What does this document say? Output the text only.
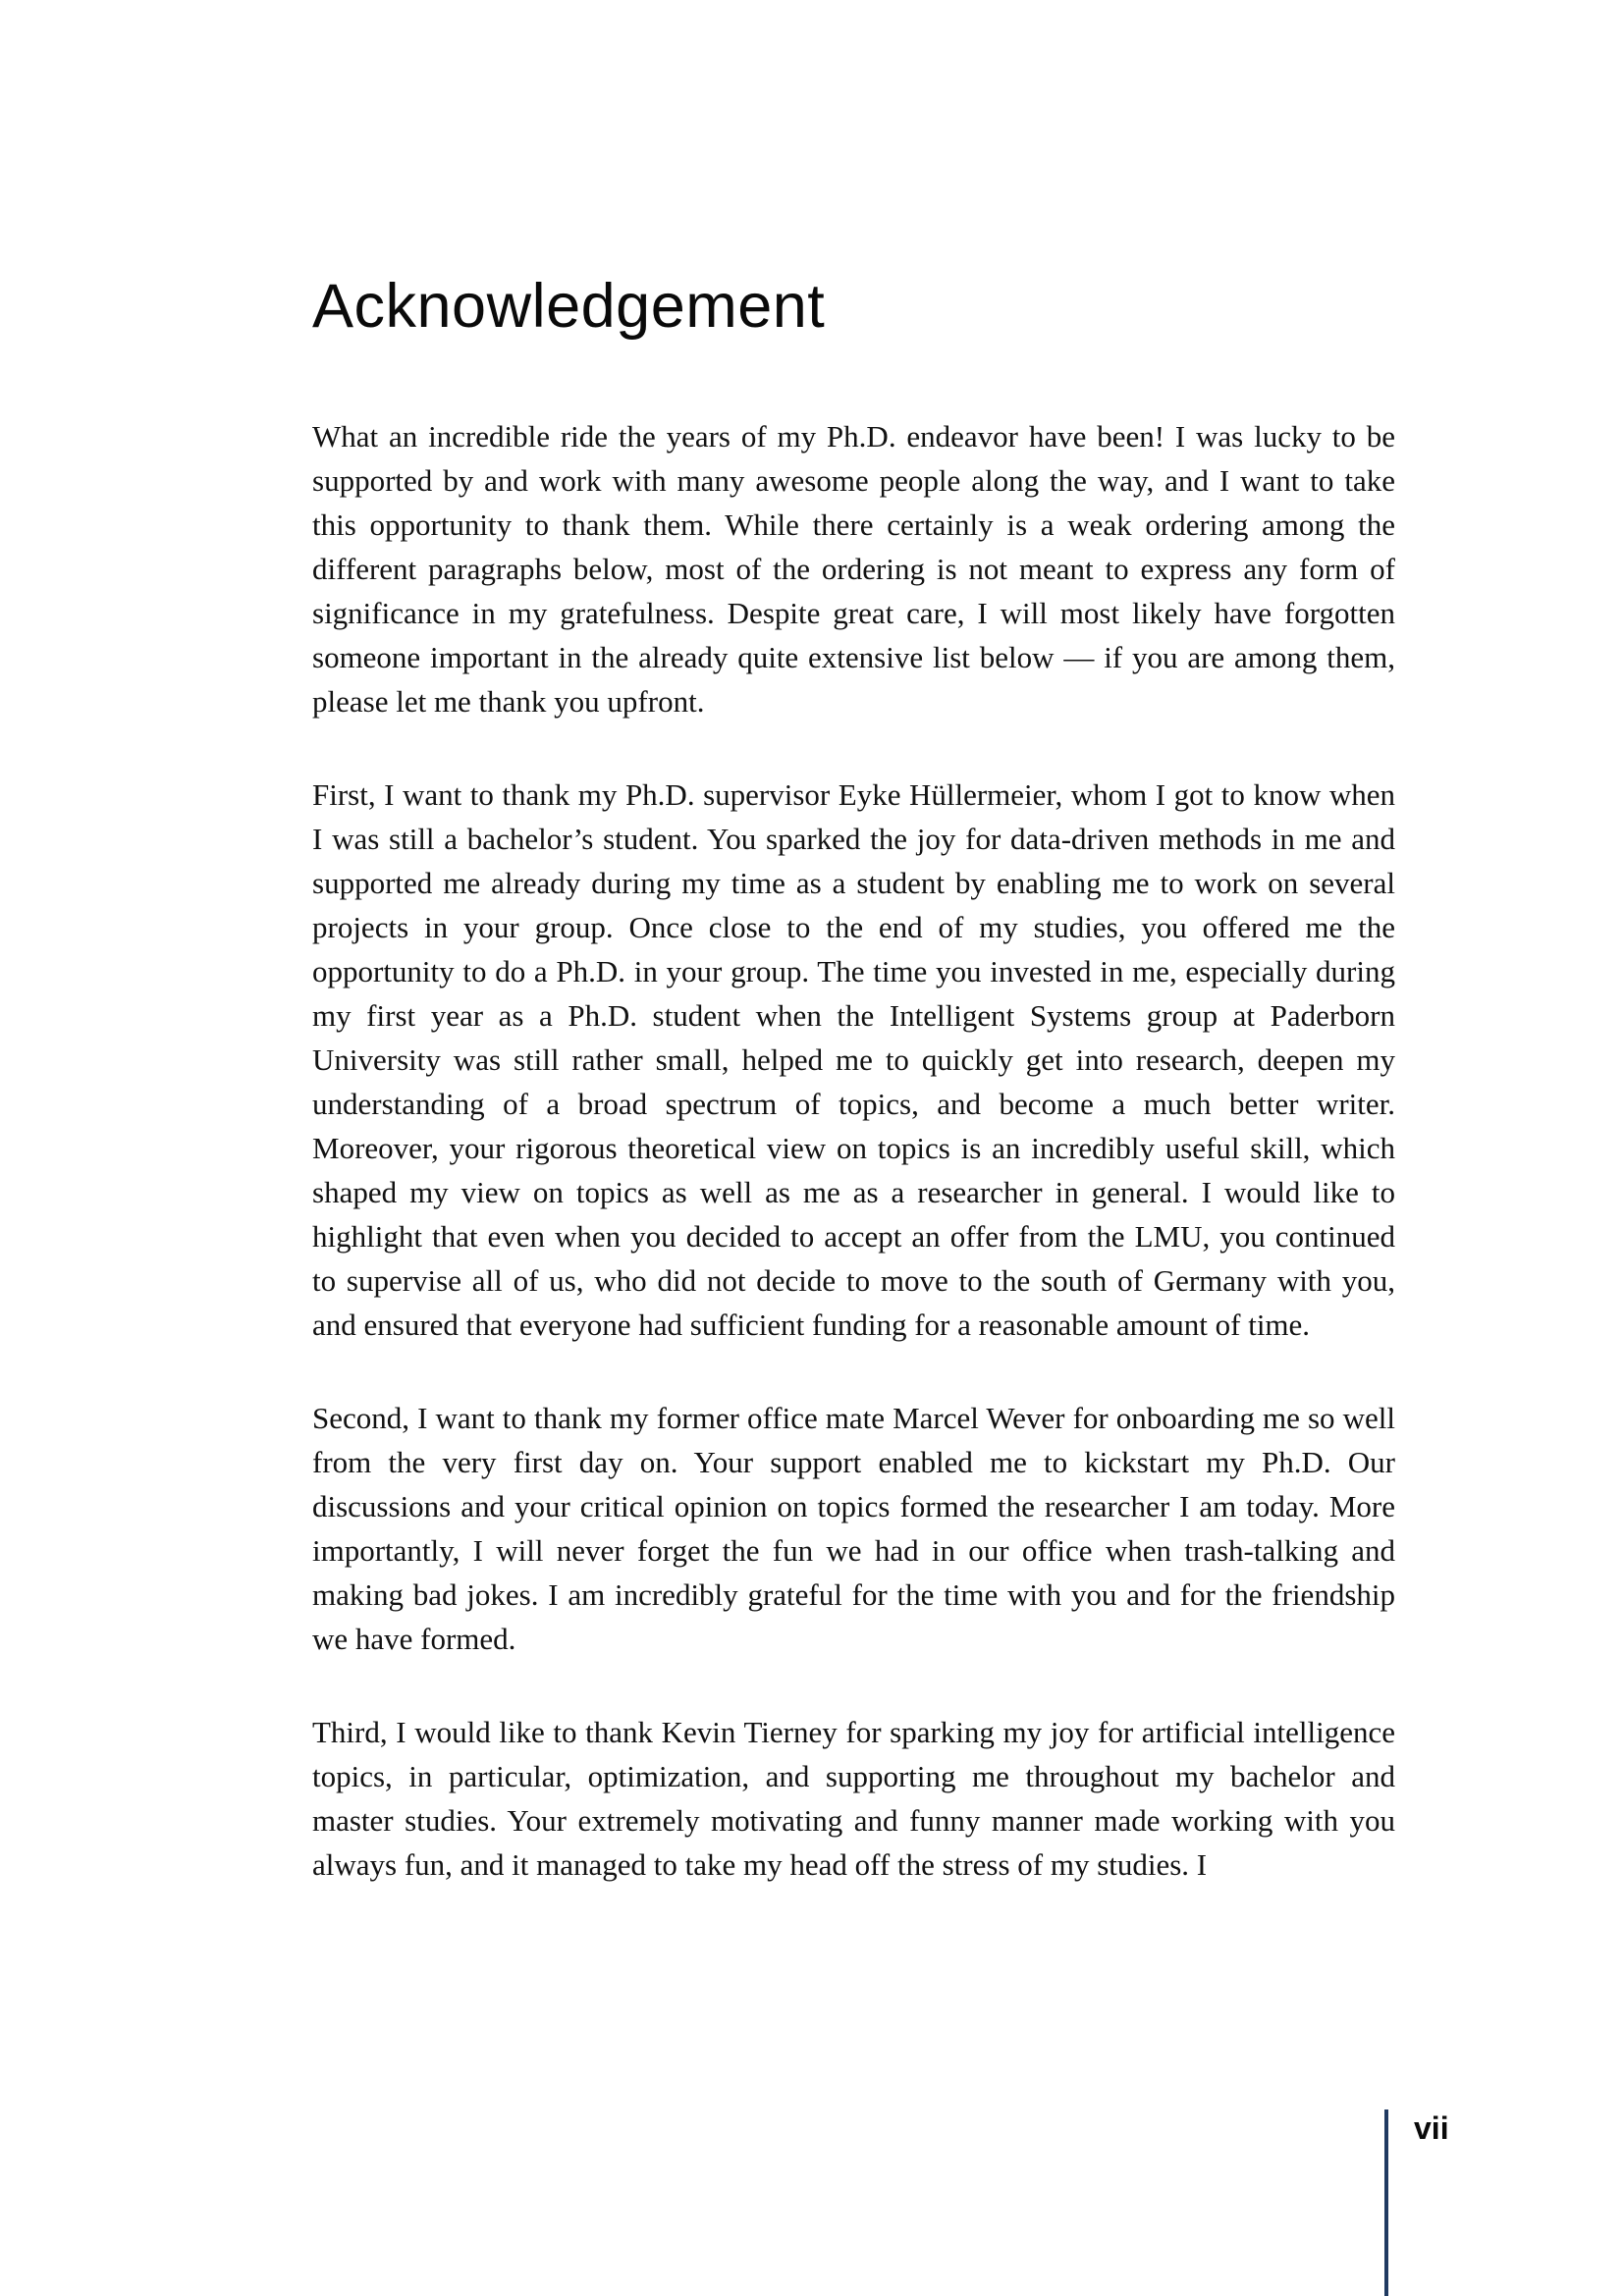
Acknowledgement

What an incredible ride the years of my Ph.D. endeavor have been! I was lucky to be supported by and work with many awesome people along the way, and I want to take this opportunity to thank them. While there certainly is a weak ordering among the different paragraphs below, most of the ordering is not meant to express any form of significance in my gratefulness. Despite great care, I will most likely have forgotten someone important in the already quite extensive list below — if you are among them, please let me thank you upfront.

First, I want to thank my Ph.D. supervisor Eyke Hüllermeier, whom I got to know when I was still a bachelor’s student. You sparked the joy for data-driven methods in me and supported me already during my time as a student by enabling me to work on several projects in your group. Once close to the end of my studies, you offered me the opportunity to do a Ph.D. in your group. The time you invested in me, especially during my first year as a Ph.D. student when the Intelligent Systems group at Paderborn University was still rather small, helped me to quickly get into research, deepen my understanding of a broad spectrum of topics, and become a much better writer. Moreover, your rigorous theoretical view on topics is an incredibly useful skill, which shaped my view on topics as well as me as a researcher in general. I would like to highlight that even when you decided to accept an offer from the LMU, you continued to supervise all of us, who did not decide to move to the south of Germany with you, and ensured that everyone had sufficient funding for a reasonable amount of time.

Second, I want to thank my former office mate Marcel Wever for onboarding me so well from the very first day on. Your support enabled me to kickstart my Ph.D. Our discussions and your critical opinion on topics formed the researcher I am today. More importantly, I will never forget the fun we had in our office when trash-talking and making bad jokes. I am incredibly grateful for the time with you and for the friendship we have formed.

Third, I would like to thank Kevin Tierney for sparking my joy for artificial intelligence topics, in particular, optimization, and supporting me throughout my bachelor and master studies. Your extremely motivating and funny manner made working with you always fun, and it managed to take my head off the stress of my studies. I

vii
